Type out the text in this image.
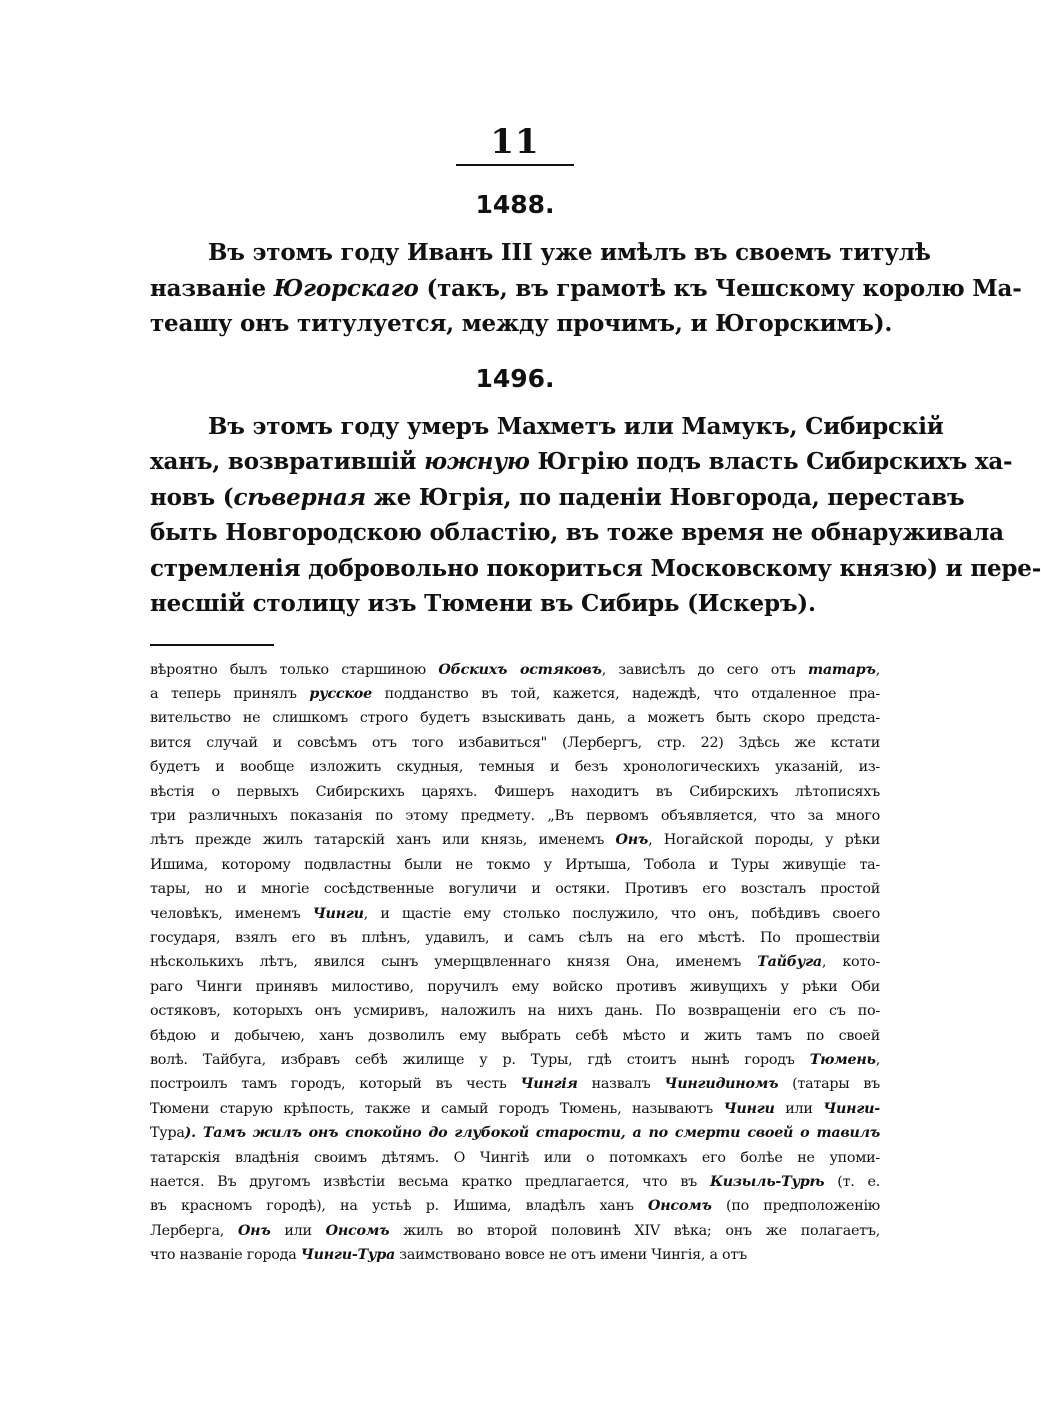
11
1488.
Въ этомъ году Иванъ III уже имѣлъ въ своемъ титулѣ
названіе Югорскаго (такъ, въ грамотѣ къ Чешскому королю Ма-
теашу онъ титулуется, между прочимъ, и Югорскимъ).
1496.
Въ этомъ году умеръ Махметъ или Мамукъ, Сибирскій
ханъ, возвратившій южную Югрію подъ власть Сибирскихъ ха-
новъ (сѣверная же Югрія, по паденіи Новгорода, переставъ
быть Новгородскою областію, въ тоже время не обнаруживала
стремленія добровольно покориться Московскому князю) и пере-
несшій столицу изъ Тюмени въ Сибирь (Искеръ).
вѣроятно былъ только старшиною Обскихъ остяковъ, зависѣлъ до сего отъ татаръ,
а теперь принялъ русское подданство въ той, кажется, надеждѣ, что отдаленное пра-
вительство не слишкомъ строго будетъ взыскивать дань, а можетъ быть скоро предста-
вится случай и совсѣмъ отъ того избавиться" (Лербергъ, стр. 22) Здѣсь же кстати
будетъ и вообще изложить скудныя, темныя и безъ хронологическихъ указаній, из-
вѣстія о первыхъ Сибирскихъ царяхъ. Фишеръ находитъ въ Сибирскихъ лѣтописяхъ
три различныхъ показанія по этому предмету. „Въ первомъ объявляется, что за много
лѣтъ прежде жилъ татарскій ханъ или князь, именемъ Онъ, Ногайской породы, у рѣки
Ишима, которому подвластны были не токмо у Иртыша, Тобола и Туры живущіе та-
тары, но и многіе сосѣдственные вогуличи и остяки. Противъ его возсталъ простой
человѣкъ, именемъ Чинги, и щастіе ему столько послужило, что онъ, побѣдивъ своего
государя, взялъ его въ плѣнъ, удавилъ, и самъ сѣлъ на его мѣстѣ. По прошествіи
нѣсколькихъ лѣтъ, явился сынъ умерщвленнаго князя Она, именемъ Тайбуга, кото-
раго Чинги принявъ милостиво, поручилъ ему войско противъ живущихъ у рѣки Оби
остяковъ, которыхъ онъ усмиривъ, наложилъ на нихъ дань. По возвращеніи его съ по-
бѣдою и добычею, ханъ дозволилъ ему выбрать себѣ мѣсто и жить тамъ по своей
волѣ. Тайбуга, избравъ себѣ жилище у р. Туры, гдѣ стоитъ нынѣ городъ Тюмень,
построилъ тамъ городъ, который въ честь Чингія назвалъ Чингидиномъ (татары въ
Тюмени старую крѣпость, также и самый городъ Тюмень, называютъ Чинги или Чинги-
Тура). Тамъ жилъ онъ спокойно до глубокой старости, а по смерти своей о тавилъ
татарскія владѣнія своимъ дѣтямъ. О Чингіѣ или о потомкахъ его болѣе не упоми-
нается. Въ другомъ извѣстіи весьма кратко предлагается, что въ Кизыль-Турѣ (т. е.
въ красномъ городѣ), на устьѣ р. Ишима, владѣлъ ханъ Онсомъ (по предположенію
Лерберга, Онъ или Онсомъ жилъ во второй половинѣ XIV вѣка; онъ же полагаетъ,
что названіе города Чинги-Тура заимствовано вовсе не отъ имени Чингія, а отъ
